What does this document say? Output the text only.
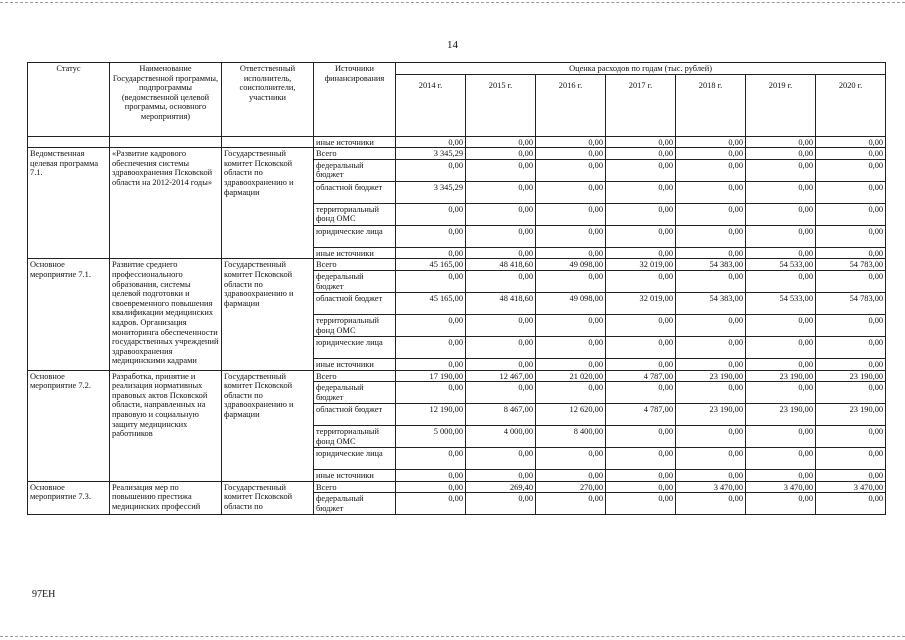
14
Статус	Наименование Государственной программы, подпрограммы (ведомственной целевой программы, основного мероприятия)	Ответственный исполнитель, соисполнители, участники	Источники финансирования	Оценка расходов по годам (тыс. рублей)						
				2014 г.	2015 г.	2016 г.	2017 г.	2018 г.	2019 г.	2020 г.
			иные источники	0,00	0,00	0,00	0,00	0,00	0,00	0,00
Ведомственная целевая программа 7.1.	«Развитие кадрового обеспечения системы здравоохранения Псковской области на 2012-2014 годы»	Государственный комитет Псковской области по здравоохранению и фармации	Всего	3 345,29	0,00	0,00	0,00	0,00	0,00	0,00
			федеральный бюджет	0,00	0,00	0,00	0,00	0,00	0,00	0,00
			областной бюджет	3 345,29	0,00	0,00	0,00	0,00	0,00	0,00
			территориальный фонд ОМС	0,00	0,00	0,00	0,00	0,00	0,00	0,00
			юридические лица	0,00	0,00	0,00	0,00	0,00	0,00	0,00
			иные источники	0,00	0,00	0,00	0,00	0,00	0,00	0,00
Основное мероприятие 7.1.	Развитие среднего профессионального образования, системы целевой подготовки и своевременного повышения квалификации медицинских кадров. Организация мониторинга обеспеченности государственных учреждений здравоохранения медицинскими кадрами	Государственный комитет Псковской области по здравоохранению и фармации	Всего	45 165,00	48 418,60	49 098,00	32 019,00	54 383,00	54 533,00	54 783,00
			федеральный бюджет	0,00	0,00	0,00	0,00	0,00	0,00	0,00
			областной бюджет	45 165,00	48 418,60	49 098,00	32 019,00	54 383,00	54 533,00	54 783,00
			территориальный фонд ОМС	0,00	0,00	0,00	0,00	0,00	0,00	0,00
			юридические лица	0,00	0,00	0,00	0,00	0,00	0,00	0,00
			иные источники	0,00	0,00	0,00	0,00	0,00	0,00	0,00
Основное мероприятие 7.2.	Разработка, принятие и реализация нормативных правовых актов Псковской области, направленных на правовую и социальную защиту медицинских работников	Государственный комитет Псковской области по здравоохранению и фармации	Всего	17 190,00	12 467,00	21 020,00	4 787,00	23 190,00	23 190,00	23 190,00
			федеральный бюджет	0,00	0,00	0,00	0,00	0,00	0,00	0,00
			областной бюджет	12 190,00	8 467,00	12 620,00	4 787,00	23 190,00	23 190,00	23 190,00
			территориальный фонд ОМС	5 000,00	4 000,00	8 400,00	0,00	0,00	0,00	0,00
			юридические лица	0,00	0,00	0,00	0,00	0,00	0,00	0,00
			иные источники	0,00	0,00	0,00	0,00	0,00	0,00	0,00
Основное мероприятие 7.3.	Реализация мер по повышению престижа медицинских профессий	Государственный комитет Псковской области по	Всего	0,00	269,40	270,00	0,00	3 470,00	3 470,00	3 470,00
			федеральный бюджет	0,00	0,00	0,00	0,00	0,00	0,00	0,00
97ЕН
